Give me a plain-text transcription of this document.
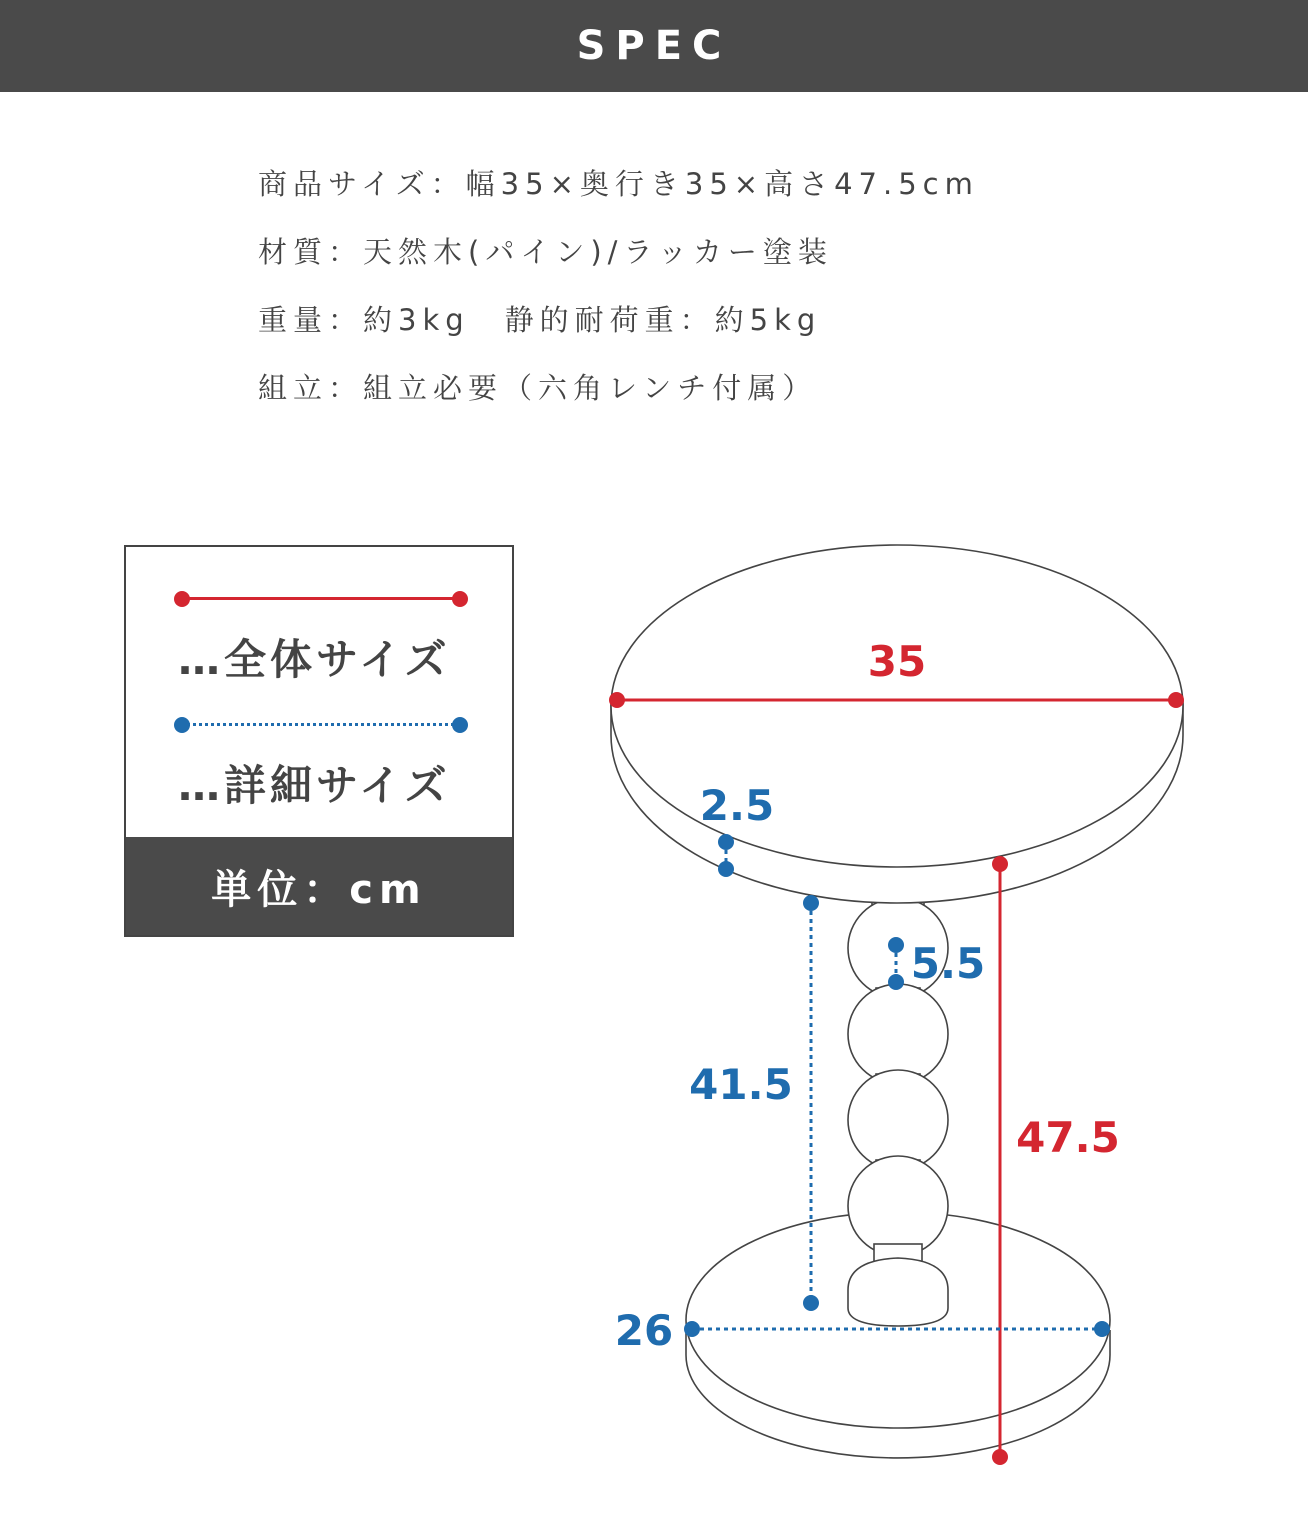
SPEC
商品サイズ：幅35×奥行き35×高さ47.5cm
材質：天然木(パイン)/ラッカー塗装
重量：約3kg　静的耐荷重：約5kg
組立：組立必要（六角レンチ付属）
…全体サイズ
…詳細サイズ
単位：cm
35
47.5
2.5
5.5
41.5
26
